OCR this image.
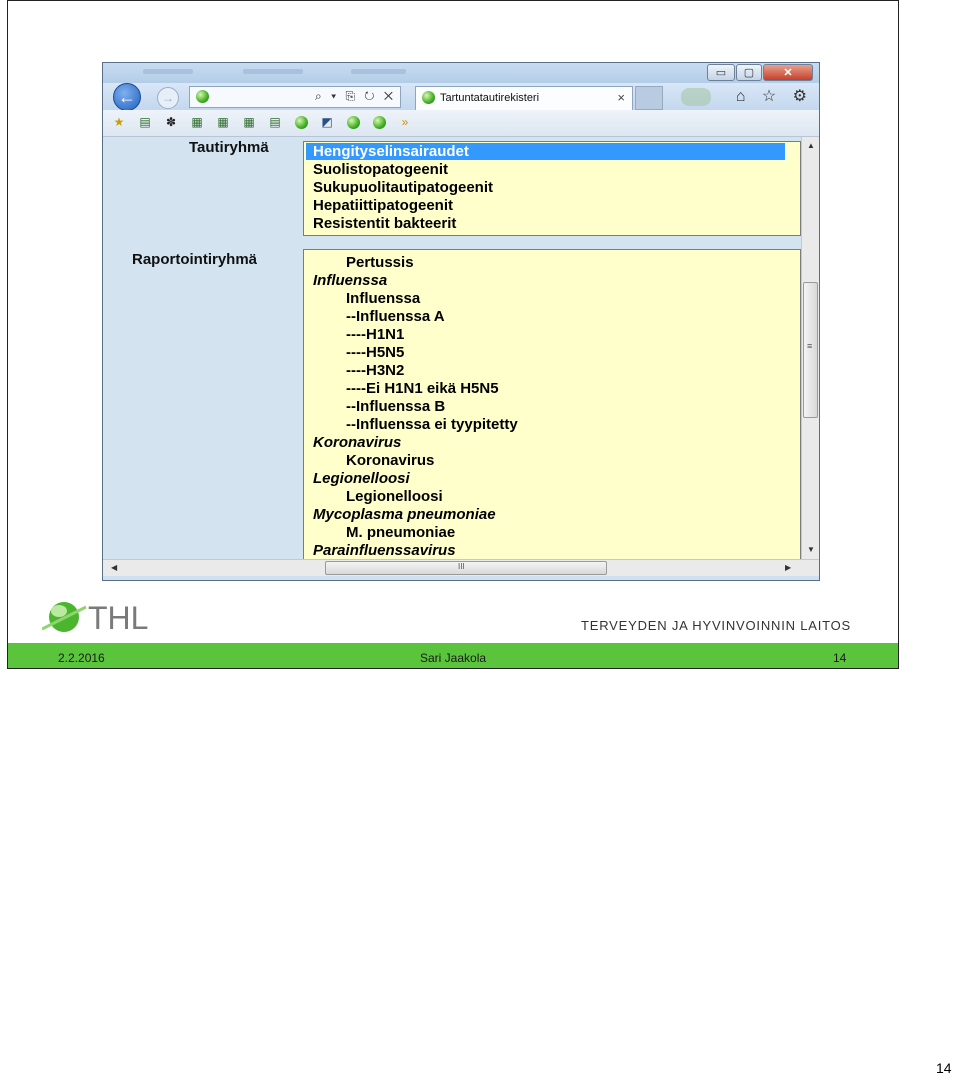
▭	▢	✕
←	→	⌕ ▾ ⎘ ↻ ✕	Tartuntatautirekisteri	×	⌂ ☆ ⚙
★ ▤ ✽ ▦ ▦ ▦ ▤	◩	»
Tautiryhmä	Hengityselinsairaudet
Suolistopatogeenit
Sukupuolitautipatogeenit
Hepatiittipatogeenit
Resistentit bakteerit
Raportointiryhmä	Pertussis
Influenssa
Influenssa
--Influenssa A
----H1N1
----H5N5
----H3N2
----Ei H1N1 eikä H5N5
--Influenssa B
--Influenssa ei tyypitetty
Koronavirus
Koronavirus
Legionelloosi
Legionelloosi
Mycoplasma pneumoniae
M. pneumoniae
Parainfluenssavirus
▲
≡
▼
◀	III	▶
THL	TERVEYDEN JA HYVINVOINNIN LAITOS
2.2.2016	Sari Jaakola	14
14
